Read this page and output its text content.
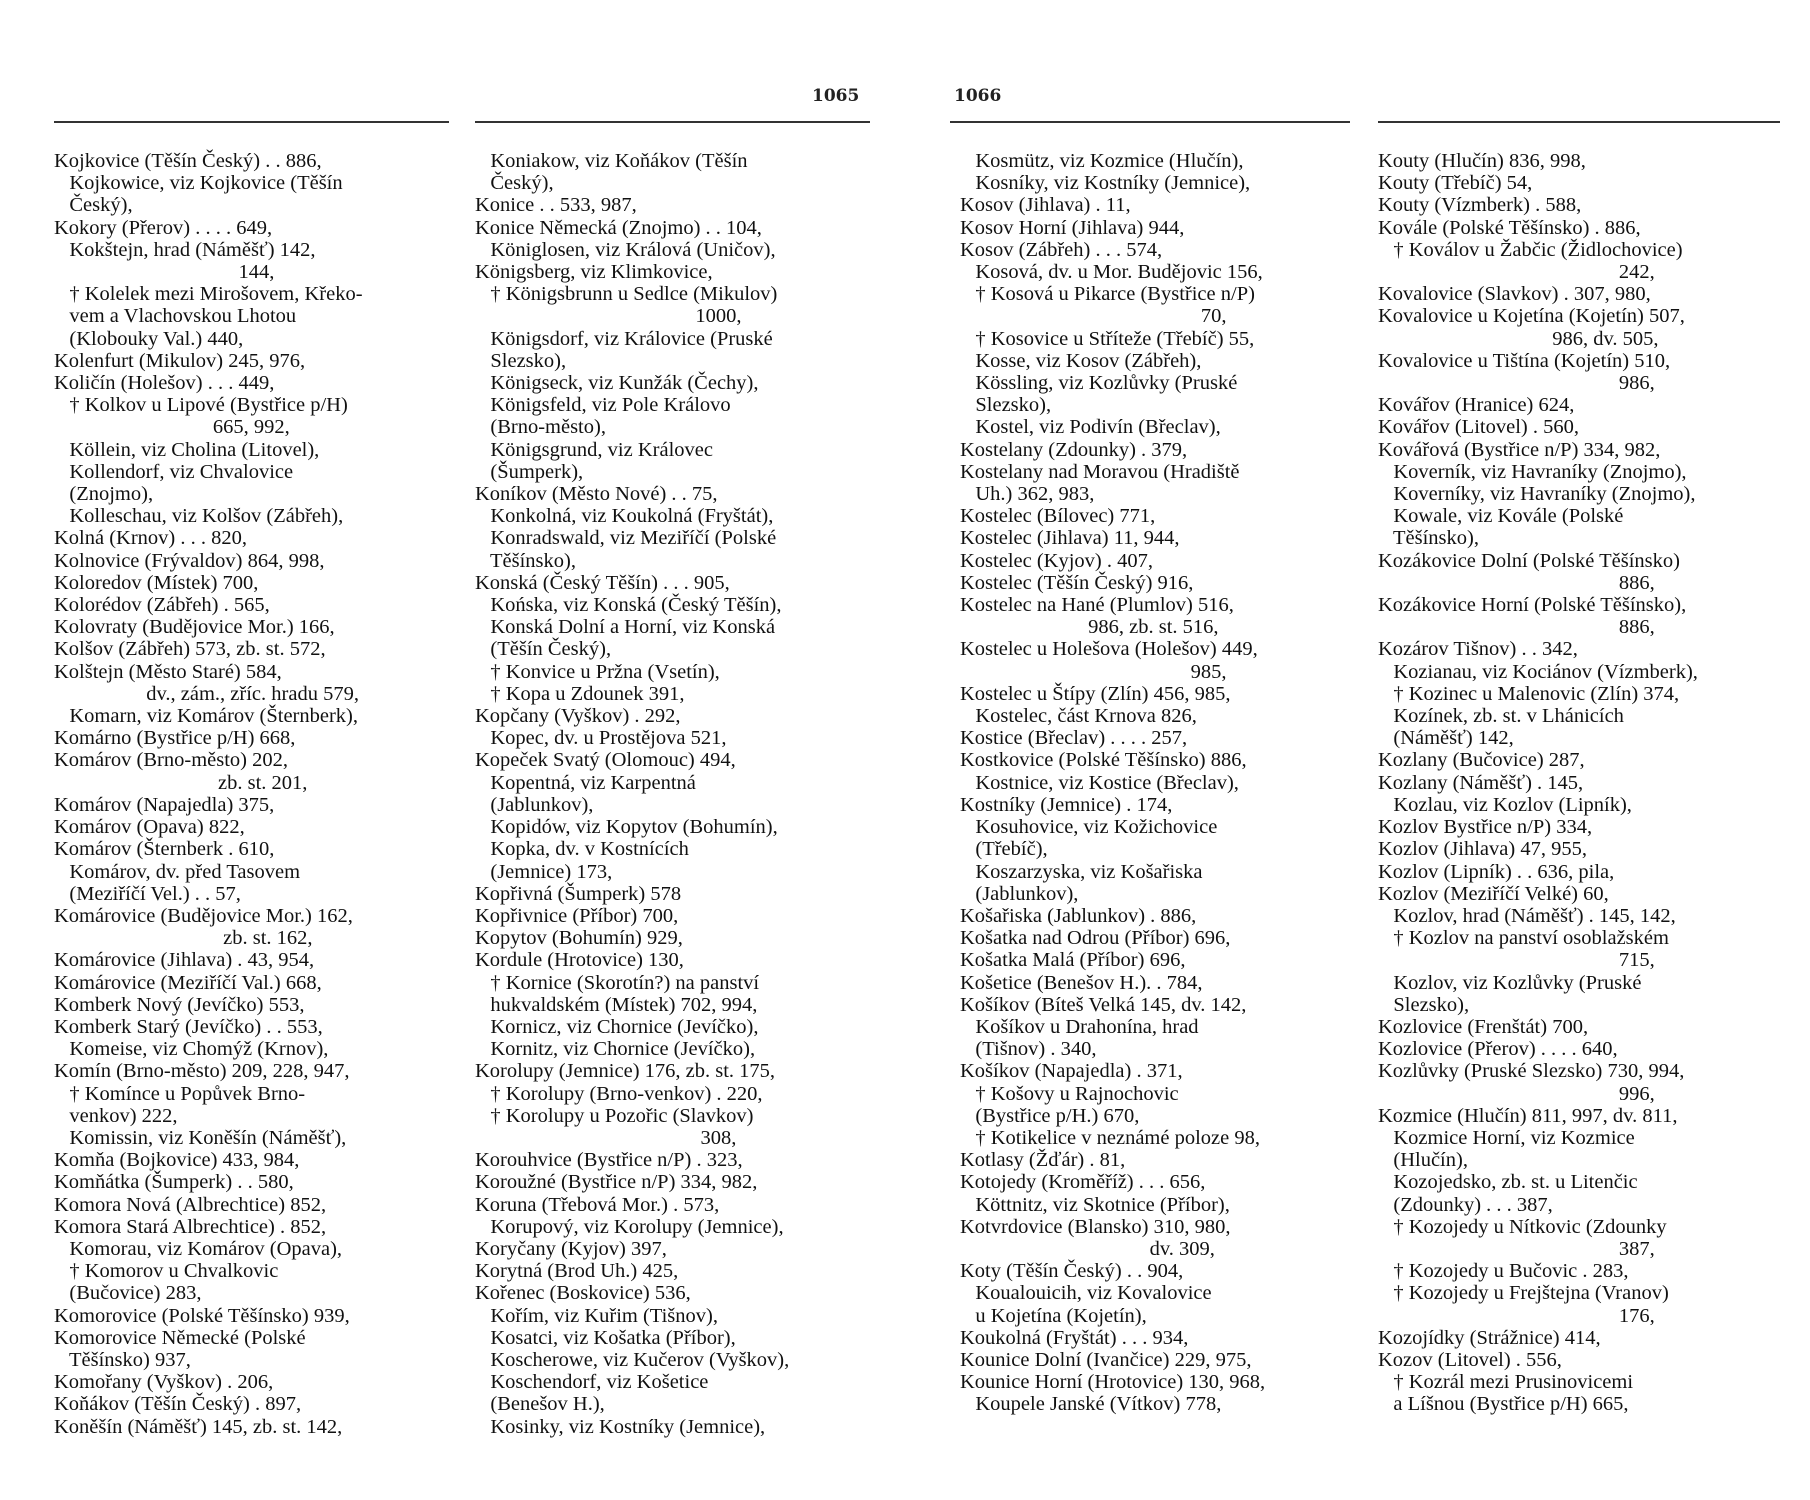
1065	1066
Kojkovice (Těšín Český) . . 886,
Kojkowice, viz Kojkovice (Těšín
Český),
Kokory (Přerov) . . . . 649,
Kokštejn, hrad (Náměšť) 142,
144,
† Kolelek mezi Mirošovem, Křeko-
vem a Vlachovskou Lhotou
(Klobouky Val.) 440,
Kolenfurt (Mikulov) 245, 976,
Količín (Holešov) . . . 449,
† Kolkov u Lipové (Bystřice p/H)
665, 992,
Köllein, viz Cholina (Litovel),
Kollendorf, viz Chvalovice
(Znojmo),
Kolleschau, viz Kolšov (Zábřeh),
Kolná (Krnov) . . . 820,
Kolnovice (Frývaldov) 864, 998,
Koloredov (Místek) 700,
Kolorédov (Zábřeh) . 565,
Kolovraty (Budějovice Mor.) 166,
Kolšov (Zábřeh) 573, zb. st. 572,
Kolštejn (Město Staré) 584,
dv., zám., zříc. hradu 579,
Komarn, viz Komárov (Šternberk),
Komárno (Bystřice p/H) 668,
Komárov (Brno-město) 202,
zb. st. 201,
Komárov (Napajedla) 375,
Komárov (Opava) 822,
Komárov (Šternberk . 610,
Komárov, dv. před Tasovem
(Meziříčí Vel.) . . 57,
Komárovice (Budějovice Mor.) 162,
zb. st. 162,
Komárovice (Jihlava) . 43, 954,
Komárovice (Meziříčí Val.) 668,
Komberk Nový (Jevíčko) 553,
Komberk Starý (Jevíčko) . . 553,
Komeise, viz Chomýž (Krnov),
Komín (Brno-město) 209, 228, 947,
† Komínce u Popůvek Brno-
venkov) 222,
Komissin, viz Koněšín (Náměšť),
Komňa (Bojkovice) 433, 984,
Komňátka (Šumperk) . . 580,
Komora Nová (Albrechtice) 852,
Komora Stará Albrechtice) . 852,
Komorau, viz Komárov (Opava),
† Komorov u Chvalkovic
(Bučovice) 283,
Komorovice (Polské Těšínsko) 939,
Komorovice Německé (Polské
Těšínsko) 937,
Komořany (Vyškov) . 206,
Koňákov (Těšín Český) . 897,
Koněšín (Náměšť) 145, zb. st. 142,
Koniakow, viz Koňákov (Těšín
Český),
Konice . . 533, 987,
Konice Německá (Znojmo) . . 104,
Königlosen, viz Králová (Uničov),
Königsberg, viz Klimkovice,
† Königsbrunn u Sedlce (Mikulov)
1000,
Königsdorf, viz Královice (Pruské
Slezsko),
Königseck, viz Kunžák (Čechy),
Königsfeld, viz Pole Královo
(Brno-město),
Königsgrund, viz Královec
(Šumperk),
Koníkov (Město Nové) . . 75,
Konkolná, viz Koukolná (Fryštát),
Konradswald, viz Meziříčí (Polské
Těšínsko),
Konská (Český Těšín) . . . 905,
Końska, viz Konská (Český Těšín),
Konská Dolní a Horní, viz Konská
(Těšín Český),
† Konvice u Pržna (Vsetín),
† Kopa u Zdounek 391,
Kopčany (Vyškov) . 292,
Kopec, dv. u Prostějova 521,
Kopeček Svatý (Olomouc) 494,
Kopentná, viz Karpentná
(Jablunkov),
Kopidów, viz Kopytov (Bohumín),
Kopka, dv. v Kostnících
(Jemnice) 173,
Kopřivná (Šumperk) 578
Kopřivnice (Příbor) 700,
Kopytov (Bohumín) 929,
Kordule (Hrotovice) 130,
† Kornice (Skorotín?) na panství
hukvaldském (Místek) 702, 994,
Kornicz, viz Chornice (Jevíčko),
Kornitz, viz Chornice (Jevíčko),
Korolupy (Jemnice) 176, zb. st. 175,
† Korolupy (Brno-venkov) . 220,
† Korolupy u Pozořic (Slavkov)
308,
Korouhvice (Bystřice n/P) . 323,
Koroužné (Bystřice n/P) 334, 982,
Koruna (Třebová Mor.) . 573,
Korupový, viz Korolupy (Jemnice),
Koryčany (Kyjov) 397,
Korytná (Brod Uh.) 425,
Kořenec (Boskovice) 536,
Kořím, viz Kuřim (Tišnov),
Kosatci, viz Košatka (Příbor),
Koscherowe, viz Kučerov (Vyškov),
Koschendorf, viz Košetice
(Benešov H.),
Kosinky, viz Kostníky (Jemnice),
Kosmütz, viz Kozmice (Hlučín),
Kosníky, viz Kostníky (Jemnice),
Kosov (Jihlava) . 11,
Kosov Horní (Jihlava) 944,
Kosov (Zábřeh) . . . 574,
Kosová, dv. u Mor. Budějovic 156,
† Kosová u Pikarce (Bystřice n/P)
70,
† Kosovice u Stříteže (Třebíč) 55,
Kosse, viz Kosov (Zábřeh),
Kössling, viz Kozlůvky (Pruské
Slezsko),
Kostel, viz Podivín (Břeclav),
Kostelany (Zdounky) . 379,
Kostelany nad Moravou (Hradiště
Uh.) 362, 983,
Kostelec (Bílovec) 771,
Kostelec (Jihlava) 11, 944,
Kostelec (Kyjov) . 407,
Kostelec (Těšín Český) 916,
Kostelec na Hané (Plumlov) 516,
986, zb. st. 516,
Kostelec u Holešova (Holešov) 449,
985,
Kostelec u Štípy (Zlín) 456, 985,
Kostelec, část Krnova 826,
Kostice (Břeclav) . . . . 257,
Kostkovice (Polské Těšínsko) 886,
Kostnice, viz Kostice (Břeclav),
Kostníky (Jemnice) . 174,
Kosuhovice, viz Kožichovice
(Třebíč),
Koszarzyska, viz Košařiska
(Jablunkov),
Košařiska (Jablunkov) . 886,
Košatka nad Odrou (Příbor) 696,
Košatka Malá (Příbor) 696,
Košetice (Benešov H.). . 784,
Košíkov (Bíteš Velká 145, dv. 142,
Košíkov u Drahonína, hrad
(Tišnov) . 340,
Košíkov (Napajedla) . 371,
† Košovy u Rajnochovic
(Bystřice p/H.) 670,
† Kotikelice v neznámé poloze 98,
Kotlasy (Žďár) . 81,
Kotojedy (Kroměříž) . . . 656,
Köttnitz, viz Skotnice (Příbor),
Kotvrdovice (Blansko) 310, 980,
dv. 309,
Koty (Těšín Český) . . 904,
Koualouicih, viz Kovalovice
u Kojetína (Kojetín),
Koukolná (Fryštát) . . . 934,
Kounice Dolní (Ivančice) 229, 975,
Kounice Horní (Hrotovice) 130, 968,
Koupele Janské (Vítkov) 778,
Kouty (Hlučín) 836, 998,
Kouty (Třebíč) 54,
Kouty (Vízmberk) . 588,
Kovále (Polské Těšínsko) . 886,
† Koválov u Žabčic (Židlochovice)
242,
Kovalovice (Slavkov) . 307, 980,
Kovalovice u Kojetína (Kojetín) 507,
986, dv. 505,
Kovalovice u Tištína (Kojetín) 510,
986,
Kovářov (Hranice) 624,
Kovářov (Litovel) . 560,
Kovářová (Bystřice n/P) 334, 982,
Koverník, viz Havraníky (Znojmo),
Koverníky, viz Havraníky (Znojmo),
Kowale, viz Kovále (Polské
Těšínsko),
Kozákovice Dolní (Polské Těšínsko)
886,
Kozákovice Horní (Polské Těšínsko),
886,
Kozárov Tišnov) . . 342,
Kozianau, viz Kociánov (Vízmberk),
† Kozinec u Malenovic (Zlín) 374,
Kozínek, zb. st. v Lhánicích
(Náměšť) 142,
Kozlany (Bučovice) 287,
Kozlany (Náměšť) . 145,
Kozlau, viz Kozlov (Lipník),
Kozlov Bystřice n/P) 334,
Kozlov (Jihlava) 47, 955,
Kozlov (Lipník) . . 636, pila,
Kozlov (Meziříčí Velké) 60,
Kozlov, hrad (Náměšť) . 145, 142,
† Kozlov na panství osoblažském
715,
Kozlov, viz Kozlůvky (Pruské
Slezsko),
Kozlovice (Frenštát) 700,
Kozlovice (Přerov) . . . . 640,
Kozlůvky (Pruské Slezsko) 730, 994,
996,
Kozmice (Hlučín) 811, 997, dv. 811,
Kozmice Horní, viz Kozmice
(Hlučín),
Kozojedsko, zb. st. u Litenčic
(Zdounky) . . . 387,
† Kozojedy u Nítkovic (Zdounky
387,
† Kozojedy u Bučovic . 283,
† Kozojedy u Frejštejna (Vranov)
176,
Kozojídky (Strážnice) 414,
Kozov (Litovel) . 556,
† Kozrál mezi Prusinovicemi
a Líšnou (Bystřice p/H) 665,
